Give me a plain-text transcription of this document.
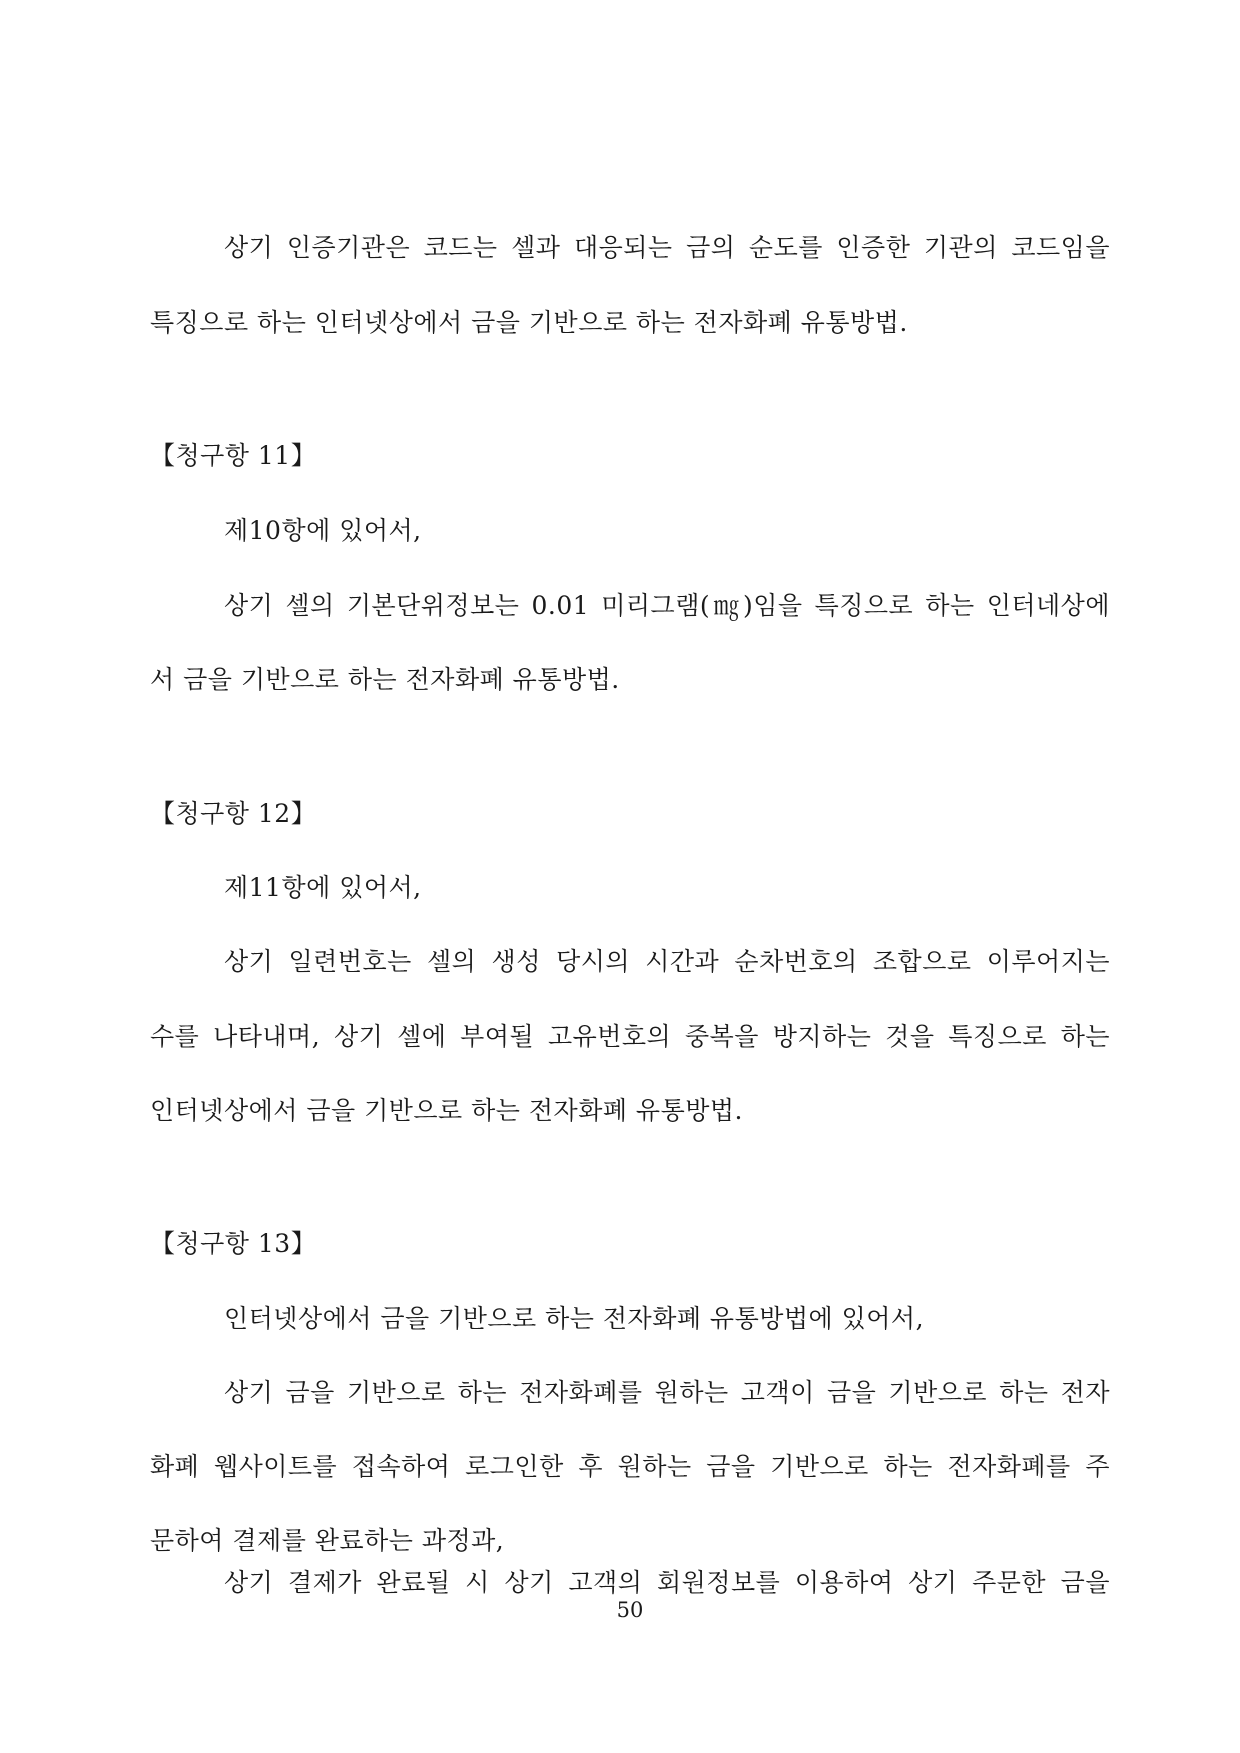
상기 인증기관은 코드는 셀과 대응되는 금의 순도를 인증한 기관의 코드임을
특징으로 하는 인터넷상에서 금을 기반으로 하는 전자화폐 유통방법.
【청구항 11】
제10항에 있어서,
상기 셀의 기본단위정보는 0.01 미리그램(㎎)임을 특징으로 하는 인터네상에
서 금을 기반으로 하는 전자화폐 유통방법.
【청구항 12】
제11항에 있어서,
상기 일련번호는 셀의 생성 당시의 시간과 순차번호의 조합으로 이루어지는
수를 나타내며, 상기 셀에 부여될 고유번호의 중복을 방지하는 것을 특징으로 하는
인터넷상에서 금을 기반으로 하는 전자화폐 유통방법.
【청구항 13】
인터넷상에서 금을 기반으로 하는 전자화폐 유통방법에 있어서,
상기 금을 기반으로 하는 전자화폐를 원하는 고객이 금을 기반으로 하는 전자
화폐 웹사이트를 접속하여 로그인한 후 원하는 금을 기반으로 하는 전자화폐를 주
문하여 결제를 완료하는 과정과,
상기 결제가 완료될 시 상기 고객의 회원정보를 이용하여 상기 주문한 금을
50
